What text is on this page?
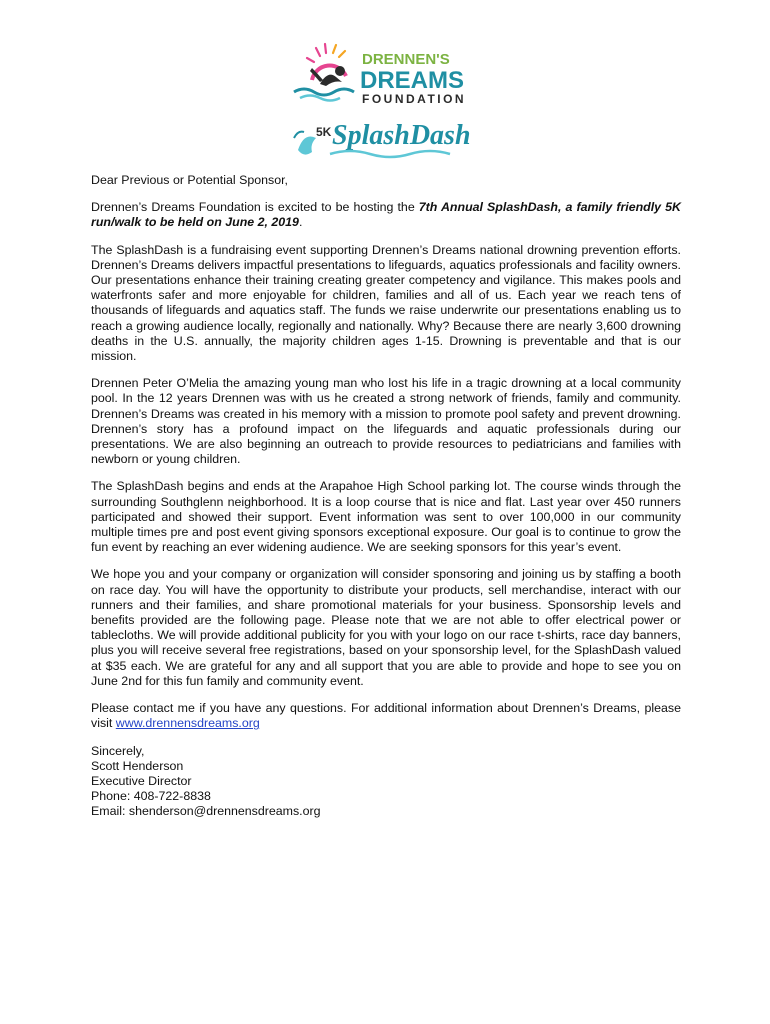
DRENNEN'S
DREAMS
FOUNDATION
5K SplashDash

Dear Previous or Potential Sponsor,

Drennen’s Dreams Foundation is excited to be hosting the 7th Annual SplashDash, a family friendly 5K run/walk to be held on June 2, 2019.

The SplashDash is a fundraising event supporting Drennen’s Dreams national drowning prevention efforts. Drennen’s Dreams delivers impactful presentations to lifeguards, aquatics professionals and facility owners. Our presentations enhance their training creating greater competency and vigilance. This makes pools and waterfronts safer and more enjoyable for children, families and all of us. Each year we reach tens of thousands of lifeguards and aquatics staff. The funds we raise underwrite our presentations enabling us to reach a growing audience locally, regionally and nationally. Why? Because there are nearly 3,600 drowning deaths in the U.S. annually, the majority children ages 1-15. Drowning is preventable and that is our mission.

Drennen Peter O’Melia the amazing young man who lost his life in a tragic drowning at a local community pool. In the 12 years Drennen was with us he created a strong network of friends, family and community. Drennen’s Dreams was created in his memory with a mission to promote pool safety and prevent drowning. Drennen’s story has a profound impact on the lifeguards and aquatic professionals during our presentations. We are also beginning an outreach to provide resources to pediatricians and families with newborn or young children.

The SplashDash begins and ends at the Arapahoe High School parking lot. The course winds through the surrounding Southglenn neighborhood. It is a loop course that is nice and flat. Last year over 450 runners participated and showed their support. Event information was sent to over 100,000 in our community multiple times pre and post event giving sponsors exceptional exposure. Our goal is to continue to grow the fun event by reaching an ever widening audience. We are seeking sponsors for this year’s event.

We hope you and your company or organization will consider sponsoring and joining us by staffing a booth on race day. You will have the opportunity to distribute your products, sell merchandise, interact with our runners and their families, and share promotional materials for your business. Sponsorship levels and benefits provided are the following page. Please note that we are not able to offer electrical power or tablecloths. We will provide additional publicity for you with your logo on our race t-shirts, race day banners, plus you will receive several free registrations, based on your sponsorship level, for the SplashDash valued at $35 each. We are grateful for any and all support that you are able to provide and hope to see you on June 2nd for this fun family and community event.

Please contact me if you have any questions. For additional information about Drennen’s Dreams, please visit www.drennensdreams.org

Sincerely,
Scott Henderson
Executive Director
Phone: 408-722-8838
Email: shenderson@drennensdreams.org
